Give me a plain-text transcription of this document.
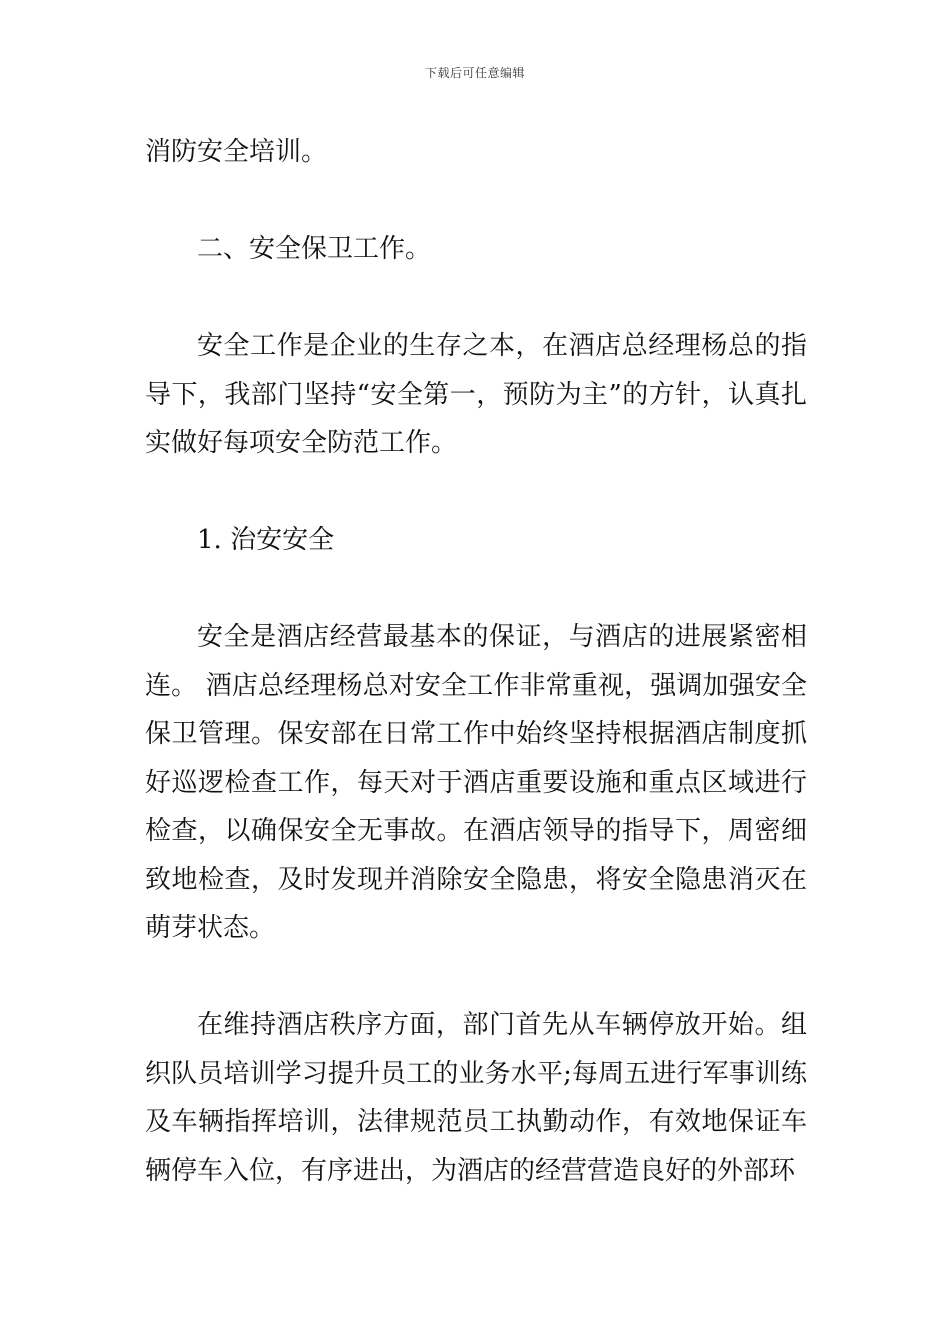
下载后可任意编辑

消防安全培训。

二、安全保卫工作。

安全工作是企业的生存之本，在酒店总经理杨总的指导下，我部门坚持“安全第一，预防为主”的方针，认真扎实做好每项安全防范工作。

1. 治安安全

安全是酒店经营最基本的保证，与酒店的进展紧密相连。 酒店总经理杨总对安全工作非常重视，强调加强安全保卫管理。保安部在日常工作中始终坚持根据酒店制度抓好巡逻检查工作，每天对于酒店重要设施和重点区域进行检查，以确保安全无事故。在酒店领导的指导下，周密细致地检查，及时发现并消除安全隐患，将安全隐患消灭在萌芽状态。

在维持酒店秩序方面，部门首先从车辆停放开始。组织队员培训学习提升员工的业务水平;每周五进行军事训练及车辆指挥培训，法律规范员工执勤动作，有效地保证车辆停车入位，有序进出，为酒店的经营营造良好的外部环
